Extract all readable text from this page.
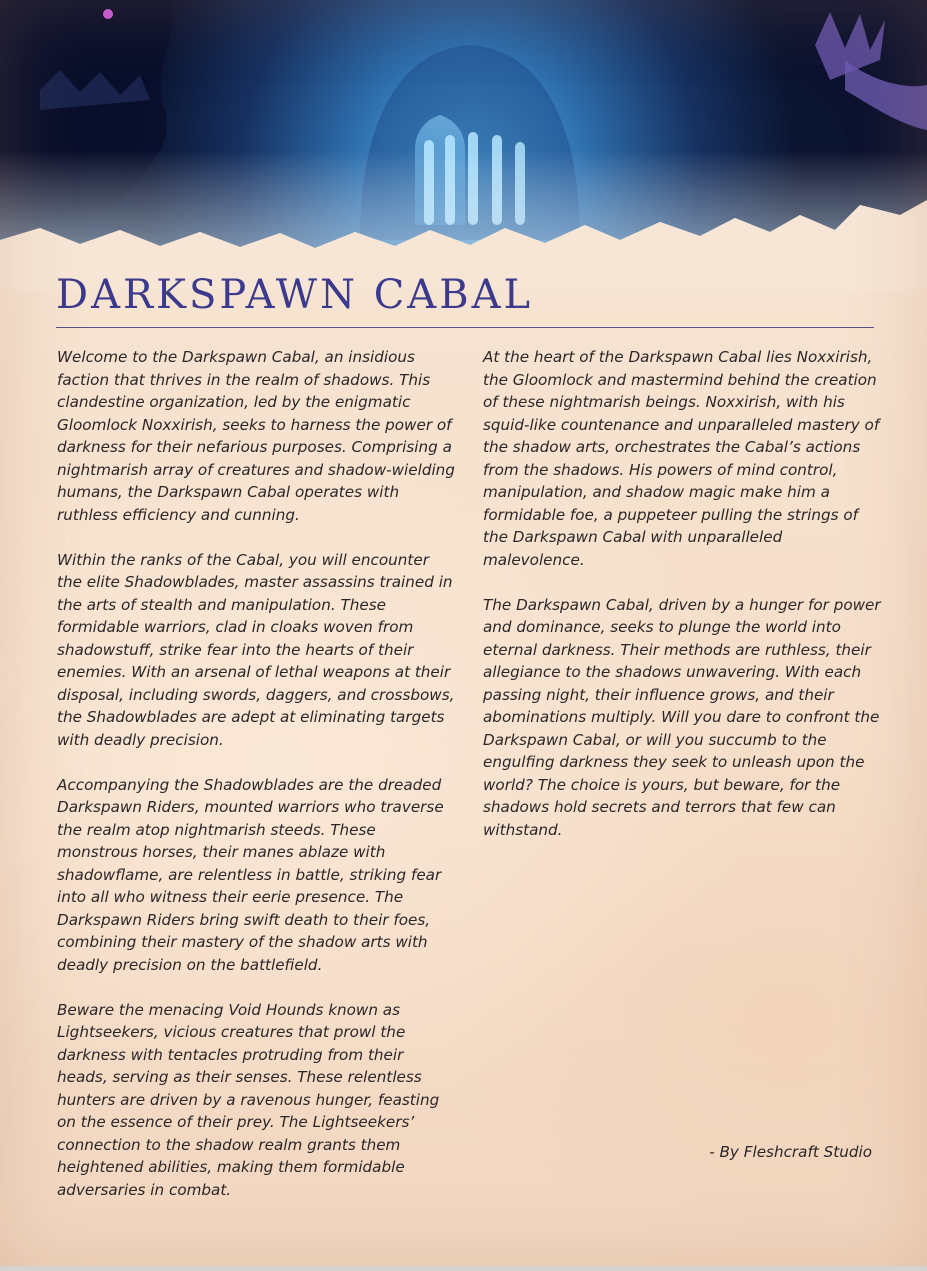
DARKSPAWN CABAL

Welcome to the Darkspawn Cabal, an insidious faction that thrives in the realm of shadows. This clandestine organization, led by the enigmatic Gloomlock Noxxirish, seeks to harness the power of darkness for their nefarious purposes. Comprising a nightmarish array of creatures and shadow-wielding humans, the Darkspawn Cabal operates with ruthless efficiency and cunning.

Within the ranks of the Cabal, you will encounter the elite Shadowblades, master assassins trained in the arts of stealth and manipulation. These formidable warriors, clad in cloaks woven from shadowstuff, strike fear into the hearts of their enemies. With an arsenal of lethal weapons at their disposal, including swords, daggers, and crossbows, the Shadowblades are adept at eliminating targets with deadly precision.

Accompanying the Shadowblades are the dreaded Darkspawn Riders, mounted warriors who traverse the realm atop nightmarish steeds. These monstrous horses, their manes ablaze with shadowflame, are relentless in battle, striking fear into all who witness their eerie presence. The Darkspawn Riders bring swift death to their foes, combining their mastery of the shadow arts with deadly precision on the battlefield.

Beware the menacing Void Hounds known as Lightseekers, vicious creatures that prowl the darkness with tentacles protruding from their heads, serving as their senses. These relentless hunters are driven by a ravenous hunger, feasting on the essence of their prey. The Lightseekers’ connection to the shadow realm grants them heightened abilities, making them formidable adversaries in combat.

At the heart of the Darkspawn Cabal lies Noxxirish, the Gloomlock and mastermind behind the creation of these nightmarish beings. Noxxirish, with his squid-like countenance and unparalleled mastery of the shadow arts, orchestrates the Cabal’s actions from the shadows. His powers of mind control, manipulation, and shadow magic make him a formidable foe, a puppeteer pulling the strings of the Darkspawn Cabal with unparalleled malevolence.

The Darkspawn Cabal, driven by a hunger for power and dominance, seeks to plunge the world into eternal darkness. Their methods are ruthless, their allegiance to the shadows unwavering. With each passing night, their influence grows, and their abominations multiply. Will you dare to confront the Darkspawn Cabal, or will you succumb to the engulfing darkness they seek to unleash upon the world? The choice is yours, but beware, for the shadows hold secrets and terrors that few can withstand.

- By Fleshcraft Studio
